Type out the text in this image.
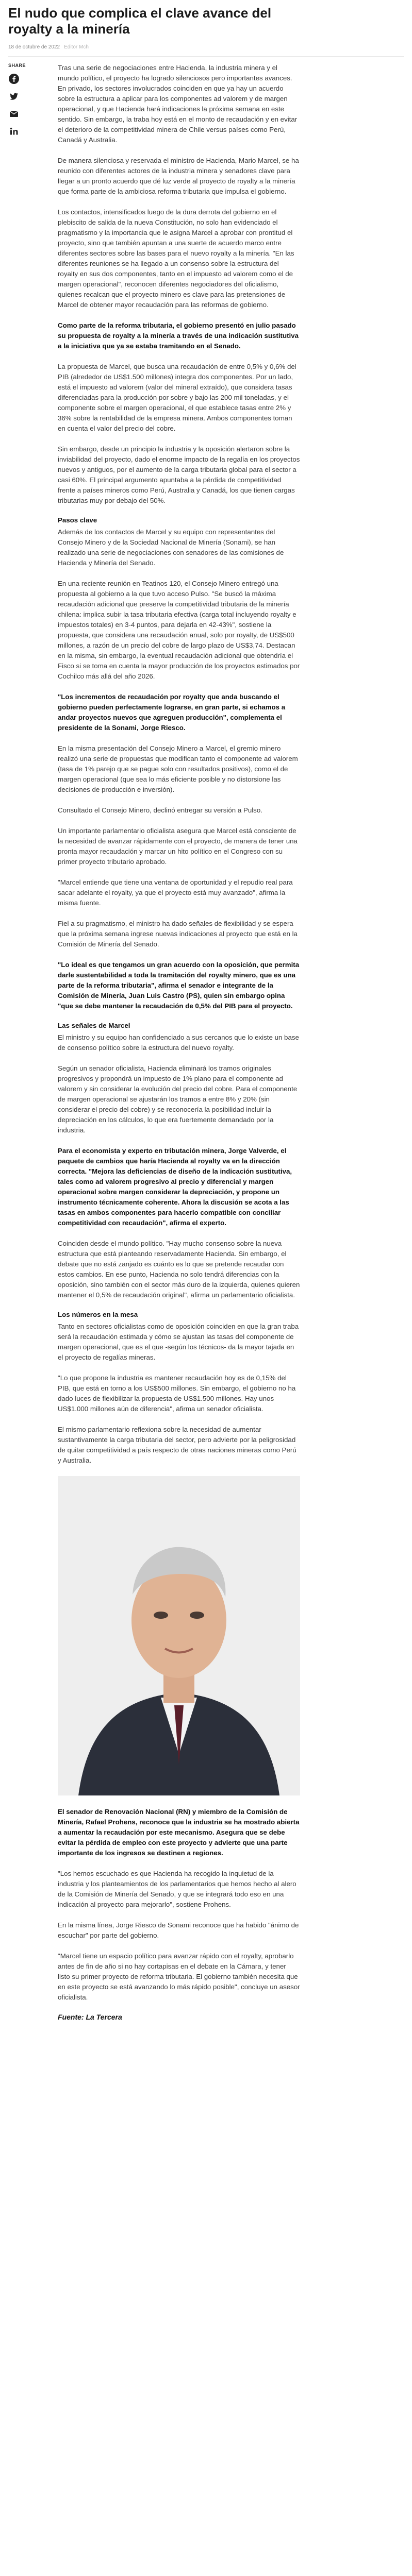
El nudo que complica el clave avance del royalty a la minería
18 de octubre de 2022 Editor Mch
SHARE	Tras una serie de negociaciones entre Hacienda, la industria minera y el mundo político, el proyecto ha logrado silenciosos pero importantes avances. En privado, los sectores involucrados coinciden en que ya hay un acuerdo sobre la estructura a aplicar para los componentes ad valorem y de margen operacional, y que Hacienda hará indicaciones la próxima semana en este sentido. Sin embargo, la traba hoy está en el monto de recaudación y en evitar el deterioro de la competitividad minera de Chile versus países como Perú, Canadá y Australia.

De manera silenciosa y reservada el ministro de Hacienda, Mario Marcel, se ha reunido con diferentes actores de la industria minera y senadores clave para llegar a un pronto acuerdo que dé luz verde al proyecto de royalty a la minería que forma parte de la ambiciosa reforma tributaria que impulsa el gobierno.

Los contactos, intensificados luego de la dura derrota del gobierno en el plebiscito de salida de la nueva Constitución, no solo han evidenciado el pragmatismo y la importancia que le asigna Marcel a aprobar con prontitud el proyecto, sino que también apuntan a una suerte de acuerdo marco entre diferentes sectores sobre las bases para el nuevo royalty a la minería. "En las diferentes reuniones se ha llegado a un consenso sobre la estructura del royalty en sus dos componentes, tanto en el impuesto ad valorem como el de margen operacional", reconocen diferentes negociadores del oficialismo, quienes recalcan que el proyecto minero es clave para las pretensiones de Marcel de obtener mayor recaudación para las reformas de gobierno.

Como parte de la reforma tributaria, el gobierno presentó en julio pasado su propuesta de royalty a la minería a través de una indicación sustitutiva a la iniciativa que ya se estaba tramitando en el Senado.

La propuesta de Marcel, que busca una recaudación de entre 0,5% y 0,6% del PIB (alrededor de US$1.500 millones) integra dos componentes. Por un lado, está el impuesto ad valorem (valor del mineral extraído), que considera tasas diferenciadas para la producción por sobre y bajo las 200 mil toneladas, y el componente sobre el margen operacional, el que establece tasas entre 2% y 36% sobre la rentabilidad de la empresa minera. Ambos componentes toman en cuenta el valor del precio del cobre.

Sin embargo, desde un principio la industria y la oposición alertaron sobre la inviabilidad del proyecto, dado el enorme impacto de la regalía en los proyectos nuevos y antiguos, por el aumento de la carga tributaria global para el sector a casi 60%. El principal argumento apuntaba a la pérdida de competitividad frente a países mineros como Perú, Australia y Canadá, los que tienen cargas tributarias muy por debajo del 50%.

Pasos clave

Además de los contactos de Marcel y su equipo con representantes del Consejo Minero y de la Sociedad Nacional de Minería (Sonami), se han realizado una serie de negociaciones con senadores de las comisiones de Hacienda y Minería del Senado.

En una reciente reunión en Teatinos 120, el Consejo Minero entregó una propuesta al gobierno a la que tuvo acceso Pulso. "Se buscó la máxima recaudación adicional que preserve la competitividad tributaria de la minería chilena: implica subir la tasa tributaria efectiva (carga total incluyendo royalty e impuestos totales) en 3-4 puntos, para dejarla en 42-43%", sostiene la propuesta, que considera una recaudación anual, solo por royalty, de US$500 millones, a razón de un precio del cobre de largo plazo de US$3,74. Destacan en la misma, sin embargo, la eventual recaudación adicional que obtendría el Fisco si se toma en cuenta la mayor producción de los proyectos estimados por Cochilco más allá del año 2026.

"Los incrementos de recaudación por royalty que anda buscando el gobierno pueden perfectamente lograrse, en gran parte, si echamos a andar proyectos nuevos que agreguen producción", complementa el presidente de la Sonami, Jorge Riesco.

En la misma presentación del Consejo Minero a Marcel, el gremio minero realizó una serie de propuestas que modifican tanto el componente ad valorem (tasa de 1% parejo que se pague solo con resultados positivos), como el de margen operacional (que sea lo más eficiente posible y no distorsione las decisiones de producción e inversión).

Consultado el Consejo Minero, declinó entregar su versión a Pulso.

Un importante parlamentario oficialista asegura que Marcel está consciente de la necesidad de avanzar rápidamente con el proyecto, de manera de tener una pronta mayor recaudación y marcar un hito político en el Congreso con su primer proyecto tributario aprobado.

"Marcel entiende que tiene una ventana de oportunidad y el repudio real para sacar adelante el royalty, ya que el proyecto está muy avanzado", afirma la misma fuente.

Fiel a su pragmatismo, el ministro ha dado señales de flexibilidad y se espera que la próxima semana ingrese nuevas indicaciones al proyecto que está en la Comisión de Minería del Senado.

"Lo ideal es que tengamos un gran acuerdo con la oposición, que permita darle sustentabilidad a toda la tramitación del royalty minero, que es una parte de la reforma tributaria", afirma el senador e integrante de la Comisión de Minería, Juan Luis Castro (PS), quien sin embargo opina "que se debe mantener la recaudación de 0,5% del PIB para el proyecto.

Las señales de Marcel

El ministro y su equipo han confidenciado a sus cercanos que lo existe un base de consenso político sobre la estructura del nuevo royalty.

Según un senador oficialista, Hacienda eliminará los tramos originales progresivos y propondrá un impuesto de 1% plano para el componente ad valorem y sin considerar la evolución del precio del cobre. Para el componente de margen operacional se ajustarán los tramos a entre 8% y 20% (sin considerar el precio del cobre) y se reconocería la posibilidad incluir la depreciación en los cálculos, lo que era fuertemente demandado por la industria.

Para el economista y experto en tributación minera, Jorge Valverde, el paquete de cambios que haría Hacienda al royalty va en la dirección correcta. "Mejora las deficiencias de diseño de la indicación sustitutiva, tales como ad valorem progresivo al precio y diferencial y margen operacional sobre margen considerar la depreciación, y propone un instrumento técnicamente coherente. Ahora la discusión se acota a las tasas en ambos componentes para hacerlo compatible con conciliar competitividad con recaudación", afirma el experto.

Coinciden desde el mundo político. "Hay mucho consenso sobre la nueva estructura que está planteando reservadamente Hacienda. Sin embargo, el debate que no está zanjado es cuánto es lo que se pretende recaudar con estos cambios. En ese punto, Hacienda no solo tendrá diferencias con la oposición, sino también con el sector más duro de la izquierda, quienes quieren mantener el 0,5% de recaudación original", afirma un parlamentario oficialista.

Los números en la mesa

Tanto en sectores oficialistas como de oposición coinciden en que la gran traba será la recaudación estimada y cómo se ajustan las tasas del componente de margen operacional, que es el que -según los técnicos- da la mayor tajada en el proyecto de regalías mineras.

"Lo que propone la industria es mantener recaudación hoy es de 0,15% del PIB, que está en torno a los US$500 millones. Sin embargo, el gobierno no ha dado luces de flexibilizar la propuesta de US$1.500 millones. Hay unos US$1.000 millones aún de diferencia", afirma un senador oficialista.

El mismo parlamentario reflexiona sobre la necesidad de aumentar sustantivamente la carga tributaria del sector, pero advierte por la peligrosidad de quitar competitividad a país respecto de otras naciones mineras como Perú y Australia.

El senador de Renovación Nacional (RN) y miembro de la Comisión de Minería, Rafael Prohens, reconoce que la industria se ha mostrado abierta a aumentar la recaudación por este mecanismo. Asegura que se debe evitar la pérdida de empleo con este proyecto y advierte que una parte importante de los ingresos se destinen a regiones.

"Los hemos escuchado es que Hacienda ha recogido la inquietud de la industria y los planteamientos de los parlamentarios que hemos hecho al alero de la Comisión de Minería del Senado, y que se integrará todo eso en una indicación al proyecto para mejorarlo", sostiene Prohens.

En la misma línea, Jorge Riesco de Sonami reconoce que ha habido "ánimo de escuchar" por parte del gobierno.

"Marcel tiene un espacio político para avanzar rápido con el royalty, aprobarlo antes de fin de año si no hay cortapisas en el debate en la Cámara, y tener listo su primer proyecto de reforma tributaria. El gobierno también necesita que en este proyecto se está avanzando lo más rápido posible", concluye un asesor oficialista.

Fuente: La Tercera
